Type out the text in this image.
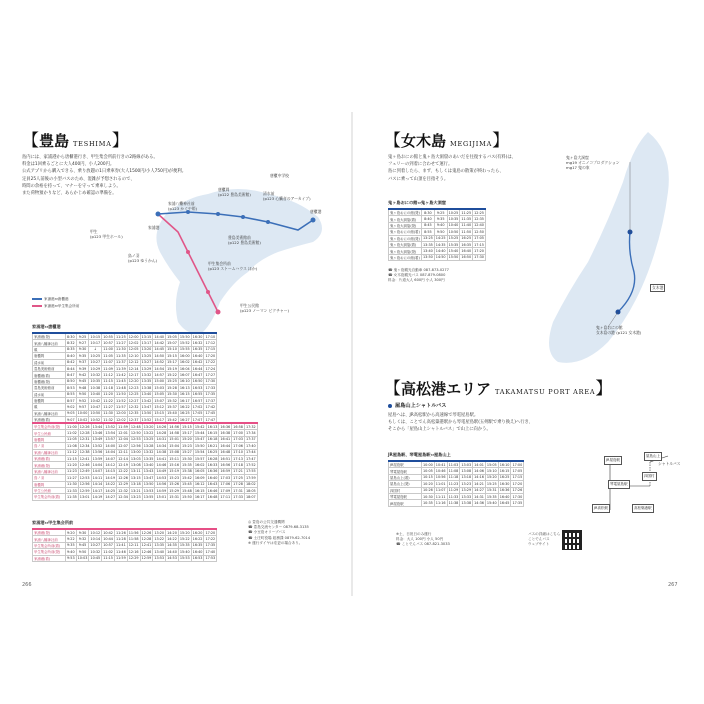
【豊島 TESHIMA】

島内には、家浦港から唐櫃港行き、甲生集会所前行きの2路線がある。

料金は1回乗るごとに大人400円、小人200円。

公式アプリから購入できる、乗り放題の1日乗車券(大人1500円/小人750円)が便利。

定員25人前後の小型バスのため、混雑が予想されるので、

時間の余裕を持って、マナーを守って乗車しよう。

また荷物預かりなど、あらかじめ確認の準備を。

家浦港
家浦八幡神社前
(p123 かぐや姫)
唐櫃岡
(p122 豊島美術館)	清水前
(p123 心臓音のアーカイブ)
唐櫃港
豊島美術館前
(p122 豊島美術館)
甲生
(p123 甲生ホール)
鳥ノ羽
(p123 ゆうかん)
甲生集会所前
(p123 ストームハウス ほか)
甲生公民館
(p123 ノーマン ピクチャー)
唐櫃中学校
家浦港⇔唐櫃港
家浦港⇔甲生集会所前
家浦港⇔唐櫃港
家浦港(発)	8:30	9:25	10:15	10:55	11:25	12:00	13:15	14:40	15:05	15:50	16:30	17:10
家浦八幡神社前	8:32	9:27	10:17	10:57	11:27	12:02	13:17	14:42	15:07	15:52	16:32	17:12
硯	8:35	9:30	↓	11:00	11:30	12:05	13:20	14:45	15:10	15:55	16:35	17:15
唐櫃岡	8:40	9:35	10:25	11:05	11:35	12:10	13:25	14:50	15:15	16:00	16:40	17:20
清水前	8:42	9:37	10:27	11:07	11:37	12:12	13:27	14:52	15:17	16:02	16:42	17:22
豊島美術館前	8:44	9:39	10:29	11:09	11:39	12:14	13:29	14:54	15:19	16:04	16:44	17:24
唐櫃港(着)	8:47	9:42	10:32	11:12	11:42	12:17	13:32	14:57	15:22	16:07	16:47	17:27
唐櫃港(発)	8:50	9:45	10:35	11:15	11:45	12:20	13:35	15:00	15:25	16:10	16:50	17:30
豊島美術館前	8:53	9:48	10:38	11:18	11:48	12:23	13:38	15:03	15:28	16:13	16:53	17:33
清水前	8:55	9:50	10:40	11:20	11:50	12:25	13:40	15:05	15:30	16:15	16:55	17:35
唐櫃岡	8:57	9:52	10:42	11:22	11:52	12:27	13:42	15:07	15:32	16:17	16:57	17:37
硯	9:02	9:57	10:47	11:27	11:57	12:32	13:47	15:12	15:37	16:22	17:02	17:42
家浦八幡神社前	9:05	10:00	10:50	11:30	12:00	12:35	13:50	15:15	15:40	16:25	17:05	17:45
家浦港(着)	9:07	10:02	10:52	11:32	12:02	12:37	13:52	15:17	15:42	16:27	17:07	17:47
甲生集会所前(発)	11:00	12:26	13:44	13:52	11:59	12:48	13:20	14:26	14:56	15:15	15:42	16:13	16:36	16:58	17:32
甲生公民館	11:02	12:28	13:46	13:54	12:01	12:50	13:22	14:28	14:58	15:17	15:44	16:15	16:38	17:00	17:34
唐櫃岡	11:05	12:31	13:49	13:57	12:04	12:53	13:25	14:31	15:01	15:20	15:47	16:18	16:41	17:03	17:37
鳥ノ羽	11:08	12:34	13:52	14:00	12:07	12:56	13:28	14:34	15:04	15:23	15:50	16:21	16:44	17:06	17:40
家浦八幡神社前	11:12	12:38	13:56	14:04	12:11	13:00	13:32	14:38	15:08	15:27	15:54	16:25	16:48	17:10	17:44
家浦港(着)	11:15	12:41	13:59	14:07	12:14	13:03	13:35	14:41	15:11	15:30	15:57	16:28	16:51	17:13	17:47
家浦港(発)	11:20	12:46	14:04	14:12	12:19	13:08	13:40	14:46	15:16	15:35	16:02	16:33	16:56	17:18	17:52
家浦八幡神社前	11:23	12:49	14:07	14:15	12:22	13:11	13:43	14:49	15:19	15:38	16:05	16:36	16:59	17:21	17:55
鳥ノ羽	11:27	12:53	14:11	14:19	12:26	13:15	13:47	14:53	15:23	15:42	16:09	16:40	17:03	17:25	17:59
唐櫃岡	11:30	12:56	14:14	14:22	12:29	13:18	13:50	14:56	15:26	15:45	16:12	16:43	17:06	17:28	18:02
甲生公民館	11:33	12:59	14:17	14:25	12:32	13:21	13:53	14:59	15:29	15:48	16:15	16:46	17:09	17:31	18:05
甲生集会所前(着)	11:35	13:01	14:19	14:27	12:34	13:23	13:55	15:01	15:31	15:50	16:17	16:48	17:11	17:33	18:07
家浦港⇔甲生集会所前
家浦港(発)	9:20	9:30	10:12	10:42	11:26	11:56	12:26	13:20	14:20	15:20	16:20	17:20
家浦八幡神社前	9:22	9:32	10:14	10:44	11:28	11:58	12:28	13:22	14:22	15:22	16:22	17:22
甲生集会所前(着)	9:35	9:45	10:27	10:57	11:41	12:11	12:41	13:35	14:35	15:35	16:35	17:35
甲生集会所前(発)	9:40	9:50	10:32	11:02	11:46	12:16	12:46	13:40	14:40	15:40	16:40	17:40
家浦港(着)	9:53	10:03	10:45	11:15	11:59	12:29	12:59	13:53	14:53	15:53	16:53	17:53
◎ 豊島の公共交通機関
☎ 豊島交流センター 0879-68-3135
☎ 小豆島オリーブバス
☎ 土庄町役場 総務課 0879-62-7014
※ 運行ダイヤは変更の場合あり。
266
【女木島 MEGIJIMA】

鬼ヶ島おにの館と鬼ヶ島大洞窟のあいだを往復するバス(有料)は、

フェリーの到着に合わせて運行。

島に到着したら、まず、もしくは鬼島の散策が終わったら、

バスに乗って山頂を目指そう。

鬼ヶ島おにの館⇔鬼ヶ島大洞窟
鬼ヶ島おにの館(発)	8:30	9:25	10:25	11:25	12:25
鬼ヶ島大洞窟(着)	8:40	9:35	10:35	11:35	12:35
鬼ヶ島大洞窟(発)	8:45	9:40	10:40	11:40	12:40
鬼ヶ島おにの館(着)	8:55	9:50	10:50	11:50	12:50
鬼ヶ島おにの館(発)	13:25	14:25	15:25	16:25	17:05
鬼ヶ島大洞窟(着)	13:35	14:35	15:35	16:35	17:15
鬼ヶ島大洞窟(発)	13:40	14:40	15:40	16:40	17:20
鬼ヶ島おにの館(着)	13:50	14:50	15:50	16:50	17:30
☎ 鬼ヶ島観光自動車 087-873-0277
☎ 女木島観光バス 087-879-0800
料金：片道大人 600円 小人 300円
鬼ヶ島大洞窟
mg19 オニノコプロダクション
mg17 鬼の家
鬼ヶ島おにの館
女木島の港 (p121 女木港)
女木港
【高松港エリア TAKAMATSU PORT AREA】
屋島山上シャトルバス

屋島へは、JR高松駅から高速線で琴電屋島駅。

もしくは、ことでん高松築港駅から琴電屋島駅(五剣駅で乗り換え)へ行き、

そこから「屋島山上シャトルバス」で山上に向かう。

JR屋島駅、琴電屋島駅⇔屋島山上
JR屋島駅	10:00	10:41	11:03	13:03	14:01	15:05	16:10	17:00
琴電屋島駅	10:05	10:46	11:08	13:08	14:06	15:10	16:15	17:05
屋島山上(着)	10:15	10:56	11:18	13:18	14:16	15:20	16:25	17:15
屋島山上(発)	10:20	11:01	11:23	13:23	14:21	15:25	16:30	17:20
四国村	10:26	11:07	11:29	13:29	14:27	15:31	16:36	17:26
琴電屋島駅	10:30	11:11	11:33	13:33	14:31	15:35	16:40	17:30
JR屋島駅	10:35	11:16	11:38	13:38	14:36	15:40	16:45	17:35
JR屋島駅
屋島山上
四国村
琴電屋島駅
シャトルバス
JR高松駅	高松築港駅
※土、日祝日のみ運行
料金：大人 100円 小人 50円
☎ ことでんバス 087-821-3033
バスの詳細はこちら
ことでんバス
ウェブサイト
267
